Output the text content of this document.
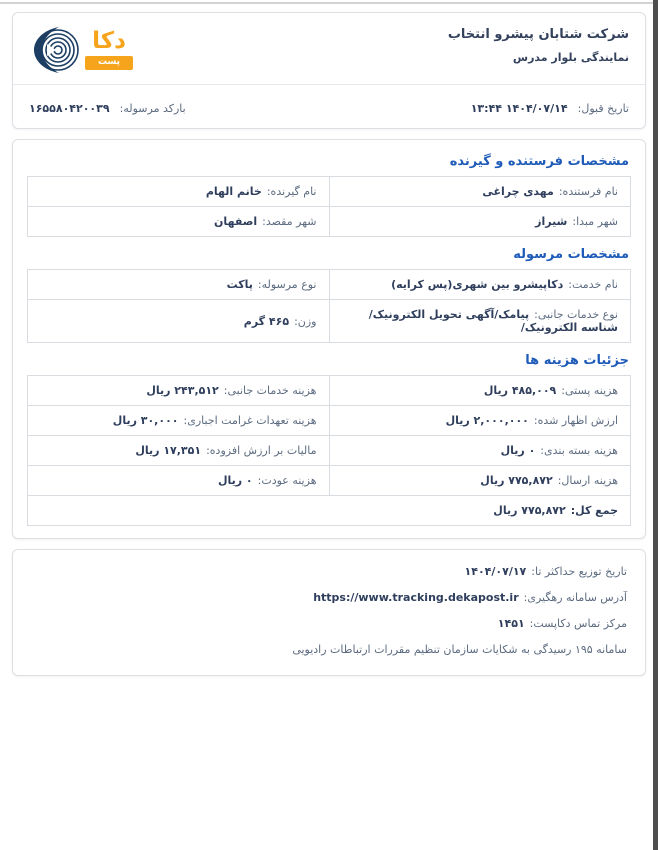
دکا
پست
شرکت شتابان پیشرو انتخاب
نمایندگی بلوار مدرس
تاریخ قبول: ۱۴۰۴/۰۷/۱۴ ۱۳:۴۴
بارکد مرسوله: ۱۶۵۵۸۰۴۲۰۰۳۹
مشخصات فرستنده و گیرنده
نام فرستنده:مهدی چراغی	نام گیرنده:خانم الهام
شهر مبدا:شیراز	شهر مقصد:اصفهان
مشخصات مرسوله
نام خدمت:دکاپیشرو بین شهری(پس کرایه)	نوع مرسوله:پاکت
نوع خدمات جانبی:پیامک/آگهی تحویل الکترونیک/شناسه الکترونیک/	وزن:۴۶۵ گرم
جزئیات هزینه ها
هزینه پستی:۴۸۵,۰۰۹ ریال	هزینه خدمات جانبی:۲۴۳,۵۱۲ ریال
ارزش اظهار شده:۲,۰۰۰,۰۰۰ ریال	هزینه تعهدات غرامت اجباری:۳۰,۰۰۰ ریال
هزینه بسته بندی:۰ ریال	مالیات بر ارزش افزوده:۱۷,۳۵۱ ریال
هزینه ارسال:۷۷۵,۸۷۲ ریال	هزینه عودت:۰ ریال
جمع کل:۷۷۵,۸۷۲ ریال	
تاریخ توزیع حداکثر تا:۱۴۰۴/۰۷/۱۷
آدرس سامانه رهگیری:https://www.tracking.dekapost.ir
مرکز تماس دکاپست:۱۴۵۱
سامانه ۱۹۵ رسیدگی به شکایات سازمان تنظیم مقررات ارتباطات رادیویی
